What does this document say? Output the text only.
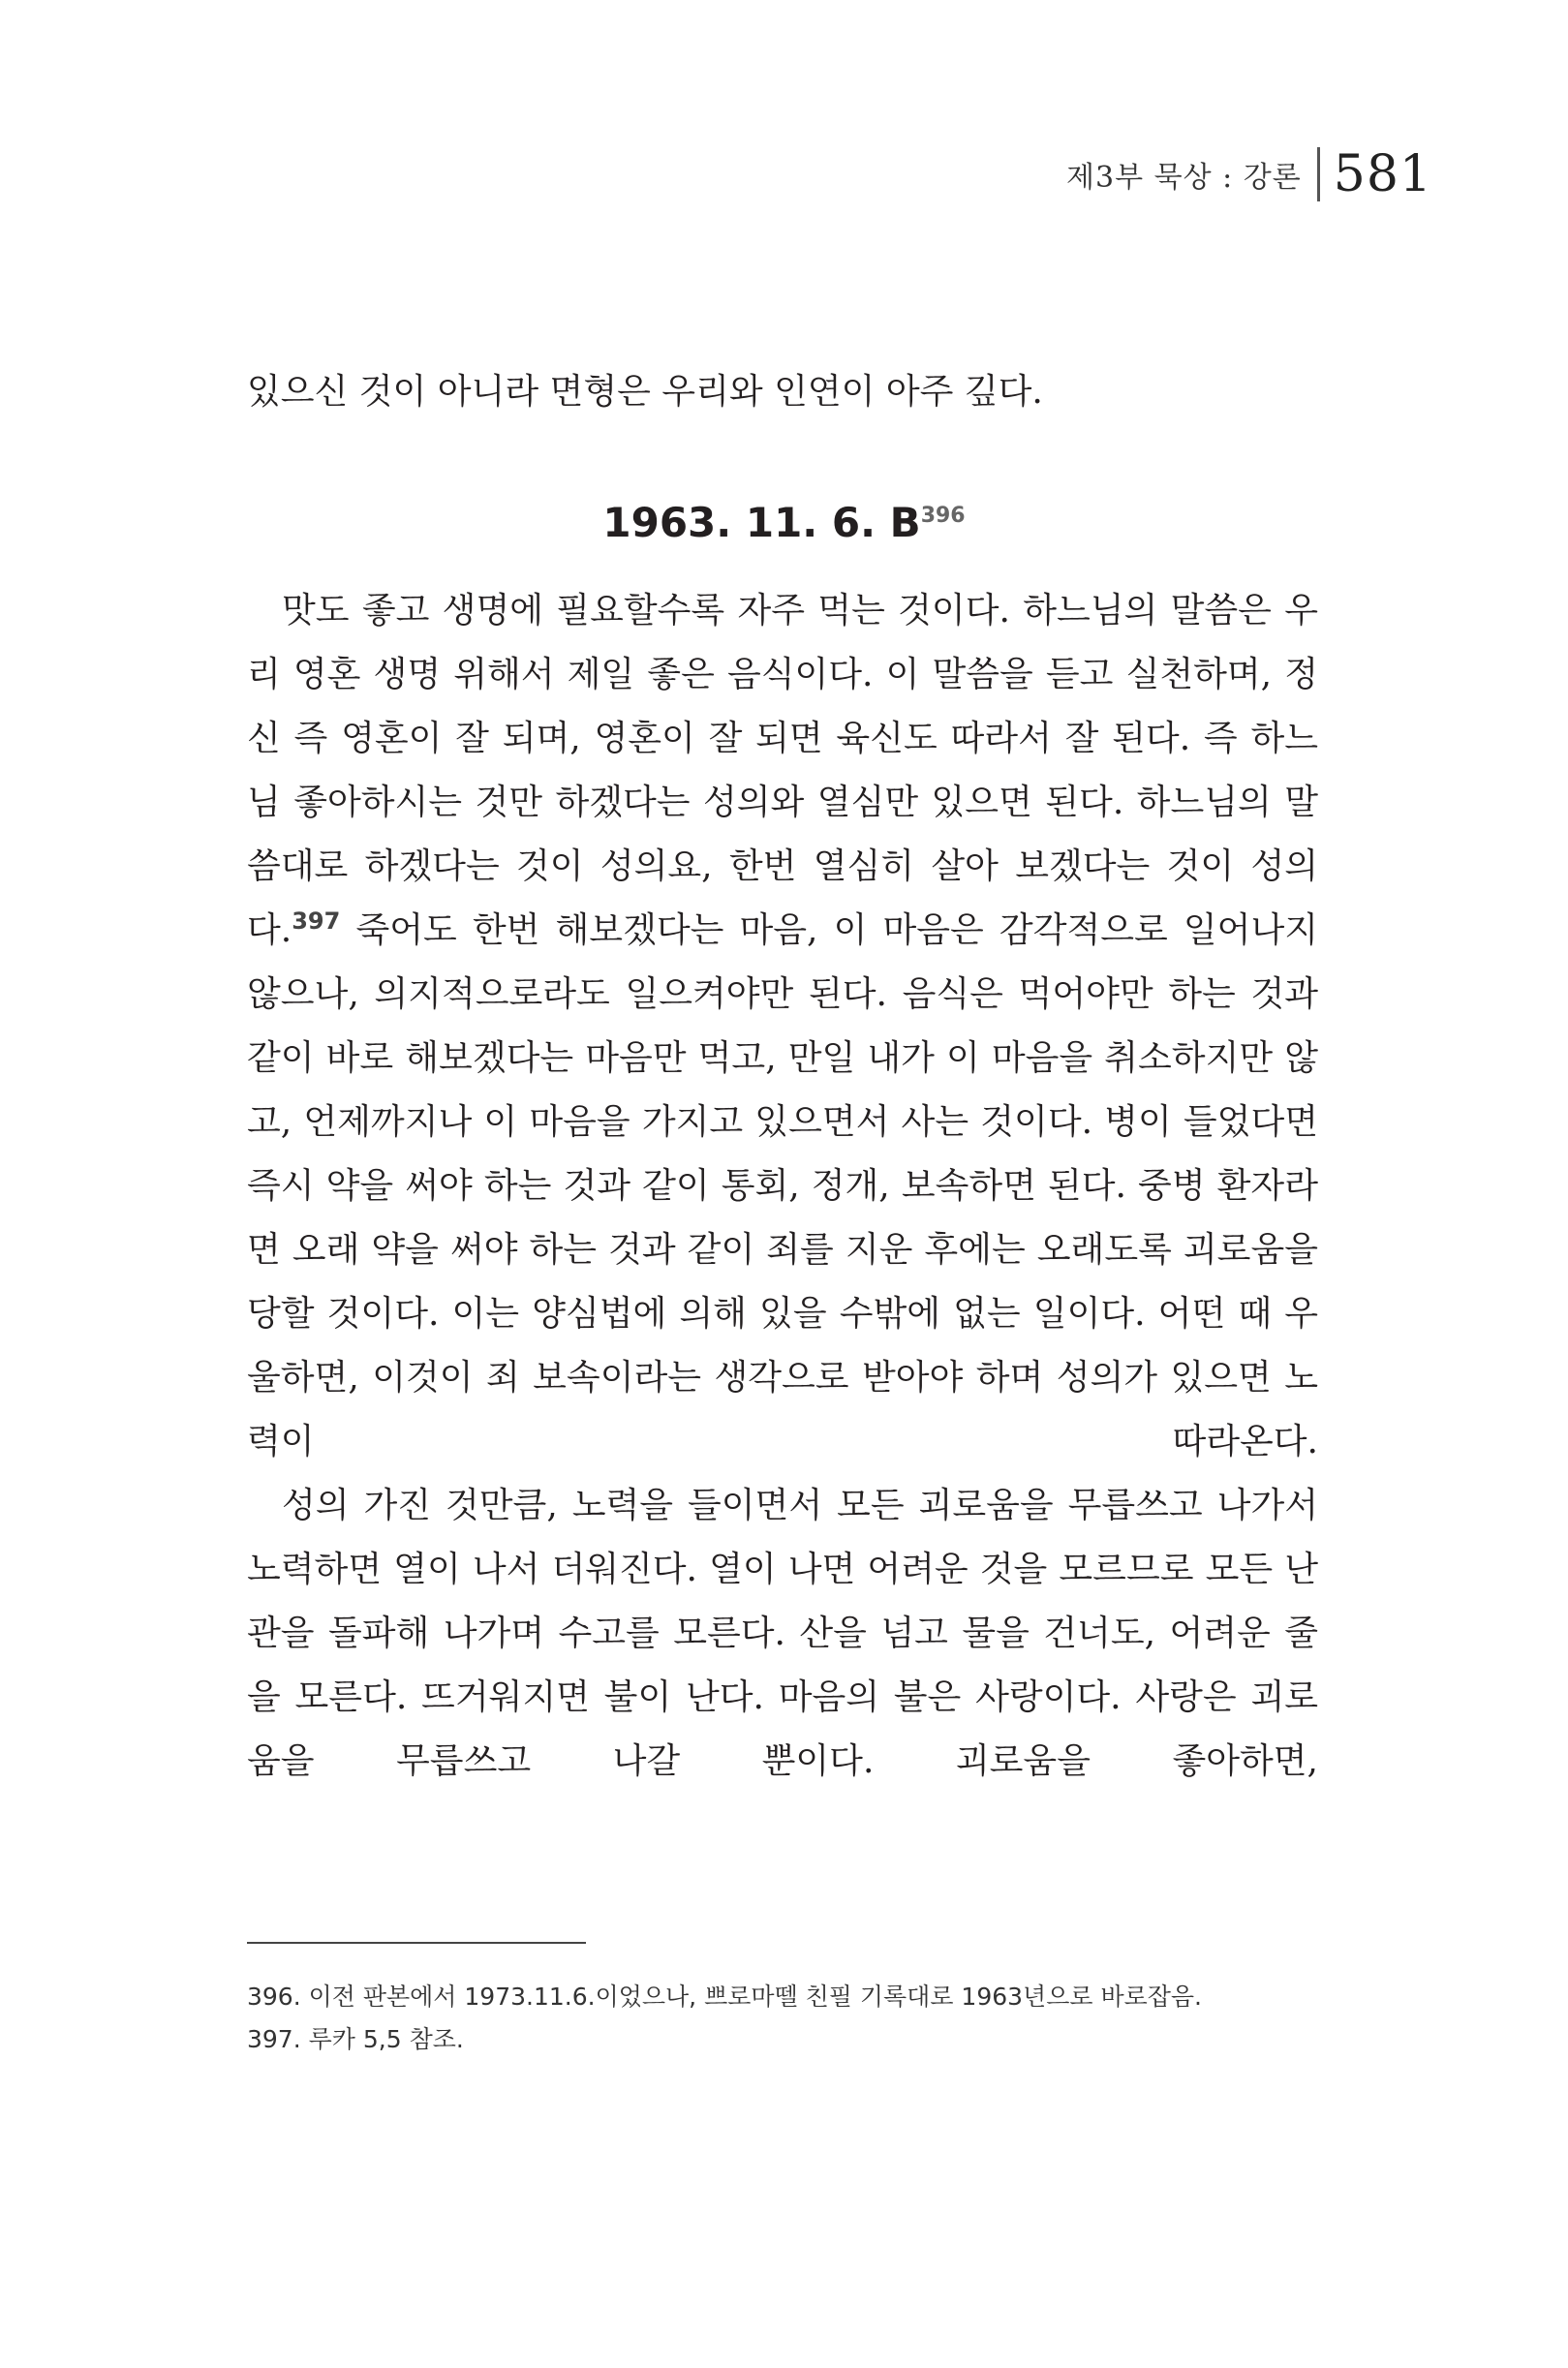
제3부 묵상 : 강론 581

있으신 것이 아니라 면형은 우리와 인연이 아주 깊다.

1963. 11. 6. $B^{396}$

맛도 좋고 생명에 필요할수록 자주 먹는 것이다. 하느님의 말씀은 우리 영혼 생명 위해서 제일 좋은 음식이다. 이 말씀을 듣고 실천하며, 정신 즉 영혼이 잘 되며, 영혼이 잘 되면 육신도 따라서 잘 된다. 즉 하느님 좋아하시는 것만 하겠다는 성의와 열심만 있으면 된다. 하느님의 말씀대로 하겠다는 것이 성의요, 한번 열심히 살아 보겠다는 것이 성의다.$^{397}$ 죽어도 한번 해보겠다는 마음, 이 마음은 감각적으로 일어나지 않으나, 의지적으로라도 일으켜야만 된다. 음식은 먹어야만 하는 것과 같이 바로 해보겠다는 마음만 먹고, 만일 내가 이 마음을 취소하지만 않고, 언제까지나 이 마음을 가지고 있으면서 사는 것이다. 병이 들었다면 즉시 약을 써야 하는 것과 같이 통회, 정개, 보속하면 된다. 중병 환자라면 오래 약을 써야 하는 것과 같이 죄를 지운 후에는 오래도록 괴로움을 당할 것이다. 이는 양심법에 의해 있을 수밖에 없는 일이다. 어떤 때 우울하면, 이것이 죄 보속이라는 생각으로 받아야 하며 성의가 있으면 노력이 따라온다.

성의 가진 것만큼, 노력을 들이면서 모든 괴로움을 무릅쓰고 나가서 노력하면 열이 나서 더워진다. 열이 나면 어려운 것을 모르므로 모든 난관을 돌파해 나가며 수고를 모른다. 산을 넘고 물을 건너도, 어려운 줄을 모른다. 뜨거워지면 불이 난다. 마음의 불은 사랑이다. 사랑은 괴로움을 무릅쓰고 나갈 뿐이다. 괴로움을 좋아하면,

396. 이전 판본에서 1973.11.6.이었으나, 쁘로마뗄 친필 기록대로 1963년으로 바로잡음.

397. 루카 5,5 참조.
